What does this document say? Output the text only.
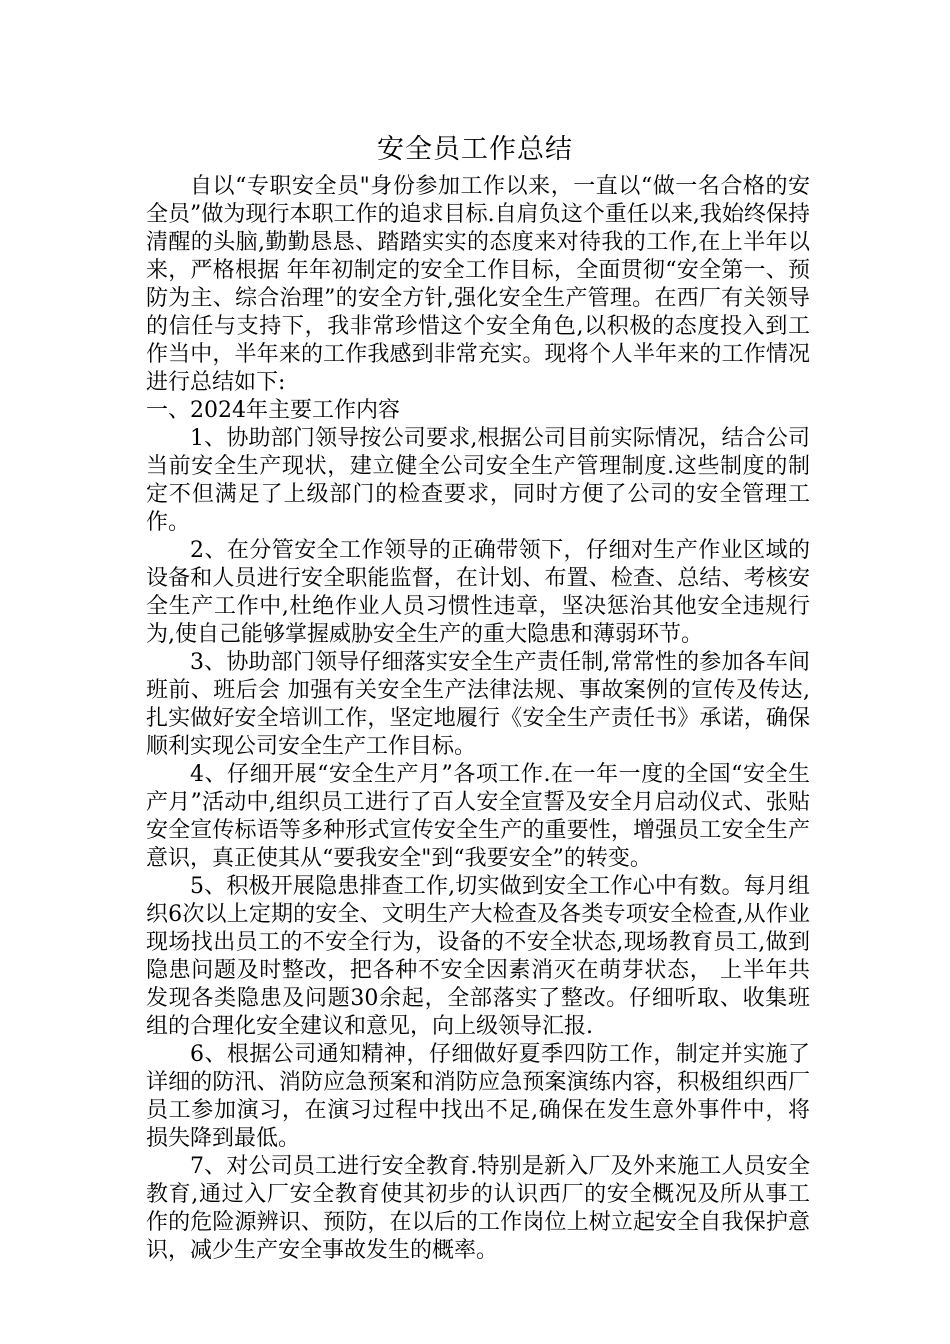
安全员工作总结

自以“专职安全员"身份参加工作以来，一直以“做一名合格的安全员”做为现行本职工作的追求目标.自肩负这个重任以来,我始终保持清醒的头脑,勤勤恳恳、踏踏实实的态度来对待我的工作,在上半年以来，严格根据 年年初制定的安全工作目标，全面贯彻“安全第一、预防为主、综合治理”的安全方针,强化安全生产管理。在西厂有关领导的信任与支持下，我非常珍惜这个安全角色,以积极的态度投入到工作当中，半年来的工作我感到非常充实。现将个人半年来的工作情况进行总结如下:

一、2024年主要工作内容

1、协助部门领导按公司要求,根据公司目前实际情况，结合公司当前安全生产现状，建立健全公司安全生产管理制度.这些制度的制定不但满足了上级部门的检查要求，同时方便了公司的安全管理工作。

2、在分管安全工作领导的正确带领下，仔细对生产作业区域的设备和人员进行安全职能监督，在计划、布置、检查、总结、考核安全生产工作中,杜绝作业人员习惯性违章，坚决惩治其他安全违规行为,使自己能够掌握威胁安全生产的重大隐患和薄弱环节。

3、协助部门领导仔细落实安全生产责任制,常常性的参加各车间班前、班后会 加强有关安全生产法律法规、事故案例的宣传及传达,扎实做好安全培训工作，坚定地履行《安全生产责任书》承诺，确保顺利实现公司安全生产工作目标。

4、仔细开展“安全生产月”各项工作.在一年一度的全国“安全生产月”活动中,组织员工进行了百人安全宣誓及安全月启动仪式、张贴安全宣传标语等多种形式宣传安全生产的重要性，增强员工安全生产意识，真正使其从“要我安全"到“我要安全”的转变。

5、积极开展隐患排查工作,切实做到安全工作心中有数。每月组织6次以上定期的安全、文明生产大检查及各类专项安全检查,从作业现场找出员工的不安全行为，设备的不安全状态,现场教育员工,做到隐患问题及时整改，把各种不安全因素消灭在萌芽状态， 上半年共发现各类隐患及问题30余起，全部落实了整改。仔细听取、收集班组的合理化安全建议和意见，向上级领导汇报.

6、根据公司通知精神，仔细做好夏季四防工作，制定并实施了详细的防汛、消防应急预案和消防应急预案演练内容，积极组织西厂员工参加演习，在演习过程中找出不足,确保在发生意外事件中，将损失降到最低。

7、对公司员工进行安全教育.特别是新入厂及外来施工人员安全教育,通过入厂安全教育使其初步的认识西厂的安全概况及所从事工作的危险源辨识、预防，在以后的工作岗位上树立起安全自我保护意识，减少生产安全事故发生的概率。
